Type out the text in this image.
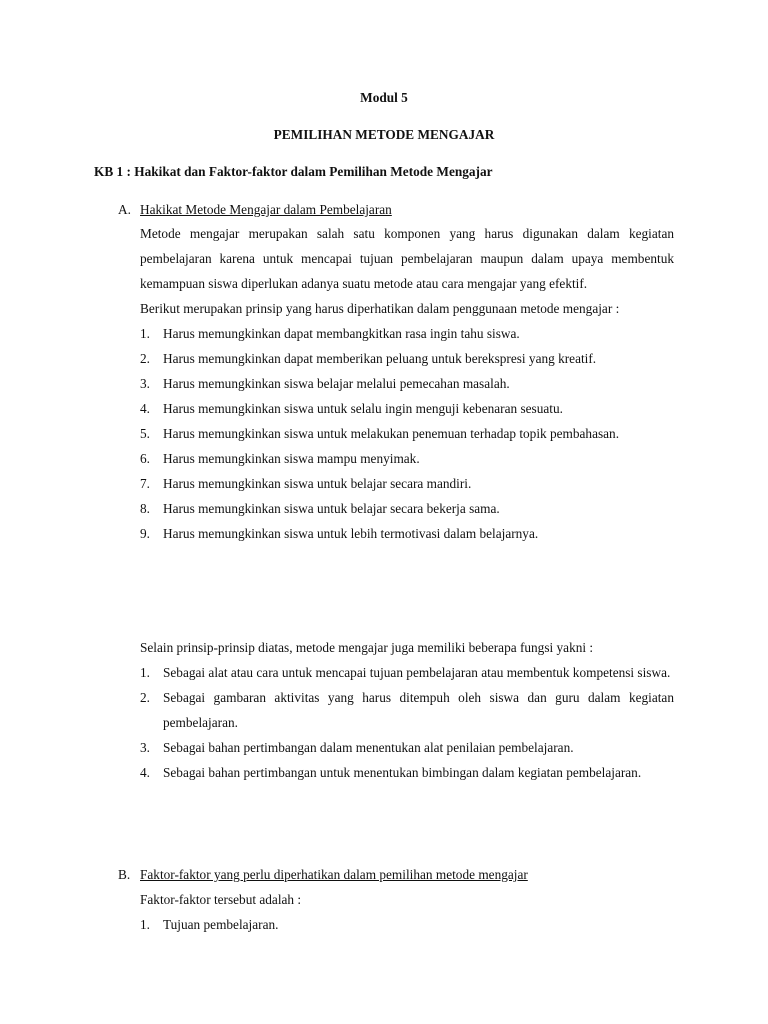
Modul 5
PEMILIHAN METODE MENGAJAR
KB 1 : Hakikat dan Faktor-faktor dalam Pemilihan Metode Mengajar
A. Hakikat Metode Mengajar dalam Pembelajaran

Metode mengajar merupakan salah satu komponen yang harus digunakan dalam kegiatan pembelajaran karena untuk mencapai tujuan pembelajaran maupun dalam upaya membentuk kemampuan siswa diperlukan adanya suatu metode atau cara mengajar yang efektif.

Berikut merupakan prinsip yang harus diperhatikan dalam penggunaan metode mengajar :

1. Harus memungkinkan dapat membangkitkan rasa ingin tahu siswa.
2. Harus memungkinkan dapat memberikan peluang untuk berekspresi yang kreatif.
3. Harus memungkinkan siswa belajar melalui pemecahan masalah.
4. Harus memungkinkan siswa untuk selalu ingin menguji kebenaran sesuatu.
5. Harus memungkinkan siswa untuk melakukan penemuan terhadap topik pembahasan.
6. Harus memungkinkan siswa mampu menyimak.
7. Harus memungkinkan siswa untuk belajar secara mandiri.
8. Harus memungkinkan siswa untuk belajar secara bekerja sama.
9. Harus memungkinkan siswa untuk lebih termotivasi dalam belajarnya.

Selain prinsip-prinsip diatas, metode mengajar juga memiliki beberapa fungsi yakni :

1. Sebagai alat atau cara untuk mencapai tujuan pembelajaran atau membentuk kompetensi siswa.
2. Sebagai gambaran aktivitas yang harus ditempuh oleh siswa dan guru dalam kegiatan pembelajaran.
3. Sebagai bahan pertimbangan dalam menentukan alat penilaian pembelajaran.
4. Sebagai bahan pertimbangan untuk menentukan bimbingan dalam kegiatan pembelajaran.
B. Faktor-faktor yang perlu diperhatikan dalam pemilihan metode mengajar

Faktor-faktor tersebut adalah :

1. Tujuan pembelajaran.
